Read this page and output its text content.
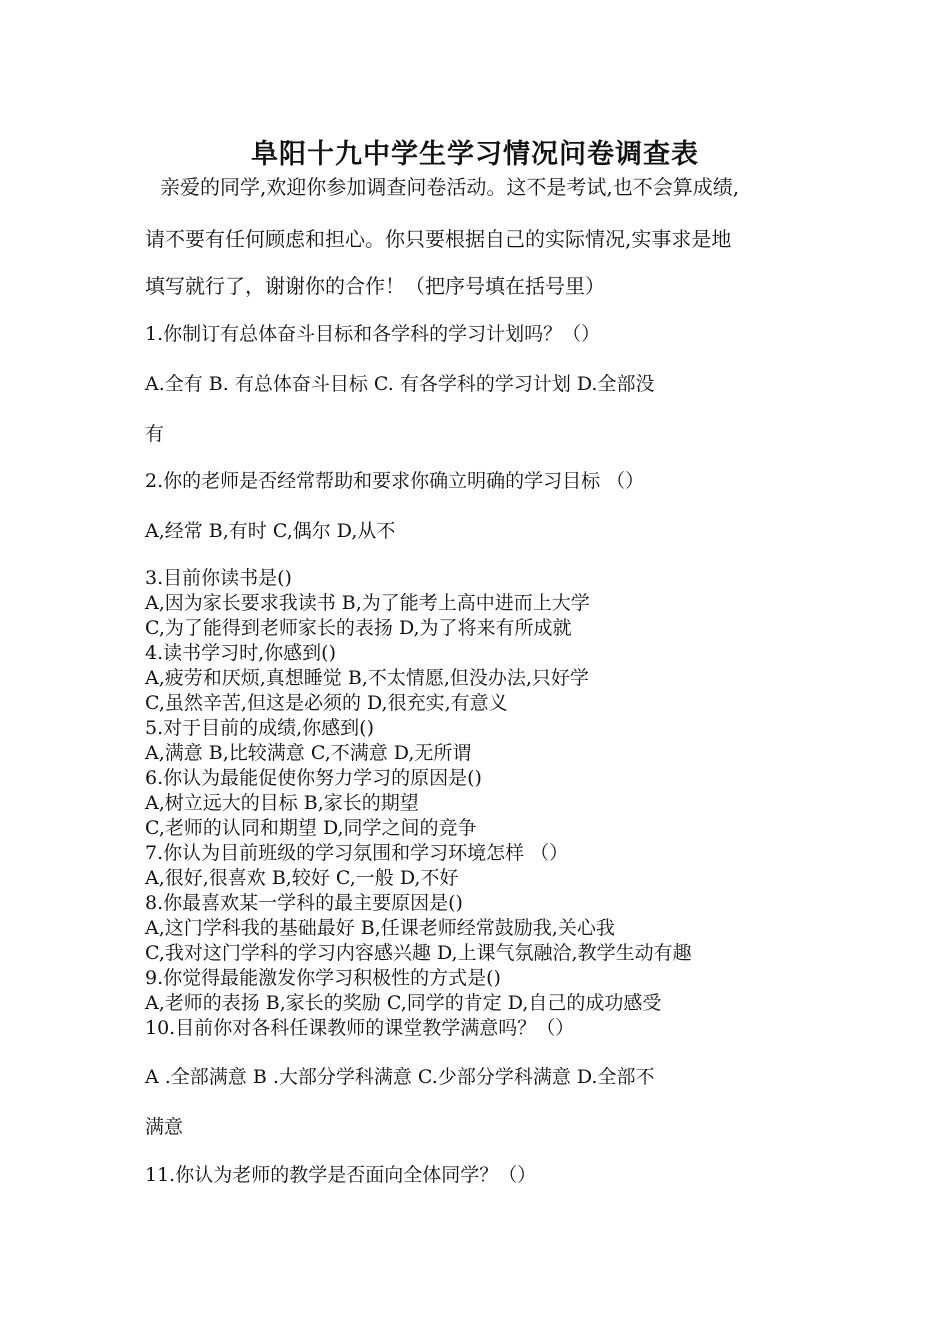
阜阳十九中学生学习情况问卷调查表
亲爱的同学,欢迎你参加调查问卷活动。这不是考试,也不会算成绩,
请不要有任何顾虑和担心。你只要根据自己的实际情况,实事求是地
填写就行了，谢谢你的合作！（把序号填在括号里）
1.你制订有总体奋斗目标和各学科的学习计划吗？（）
A.全有 B. 有总体奋斗目标 C. 有各学科的学习计划 D.全部没
有
2.你的老师是否经常帮助和要求你确立明确的学习目标 （）
A,经常 B,有时 C,偶尔 D,从不
3.目前你读书是()
A,因为家长要求我读书 B,为了能考上高中进而上大学
C,为了能得到老师家长的表扬 D,为了将来有所成就
4.读书学习时,你感到()
A,疲劳和厌烦,真想睡觉 B,不太情愿,但没办法,只好学
C,虽然辛苦,但这是必须的 D,很充实,有意义
5.对于目前的成绩,你感到()
A,满意 B,比较满意 C,不满意 D,无所谓
6.你认为最能促使你努力学习的原因是()
A,树立远大的目标 B,家长的期望
C,老师的认同和期望 D,同学之间的竞争
7.你认为目前班级的学习氛围和学习环境怎样 （）
A,很好,很喜欢 B,较好 C,一般 D,不好
8.你最喜欢某一学科的最主要原因是()
A,这门学科我的基础最好 B,任课老师经常鼓励我,关心我
C,我对这门学科的学习内容感兴趣 D,上课气氛融洽,教学生动有趣
9.你觉得最能激发你学习积极性的方式是()
A,老师的表扬 B,家长的奖励 C,同学的肯定 D,自己的成功感受
10.目前你对各科任课教师的课堂教学满意吗？（）
A .全部满意 B .大部分学科满意 C.少部分学科满意 D.全部不
满意
11.你认为老师的教学是否面向全体同学？（）
